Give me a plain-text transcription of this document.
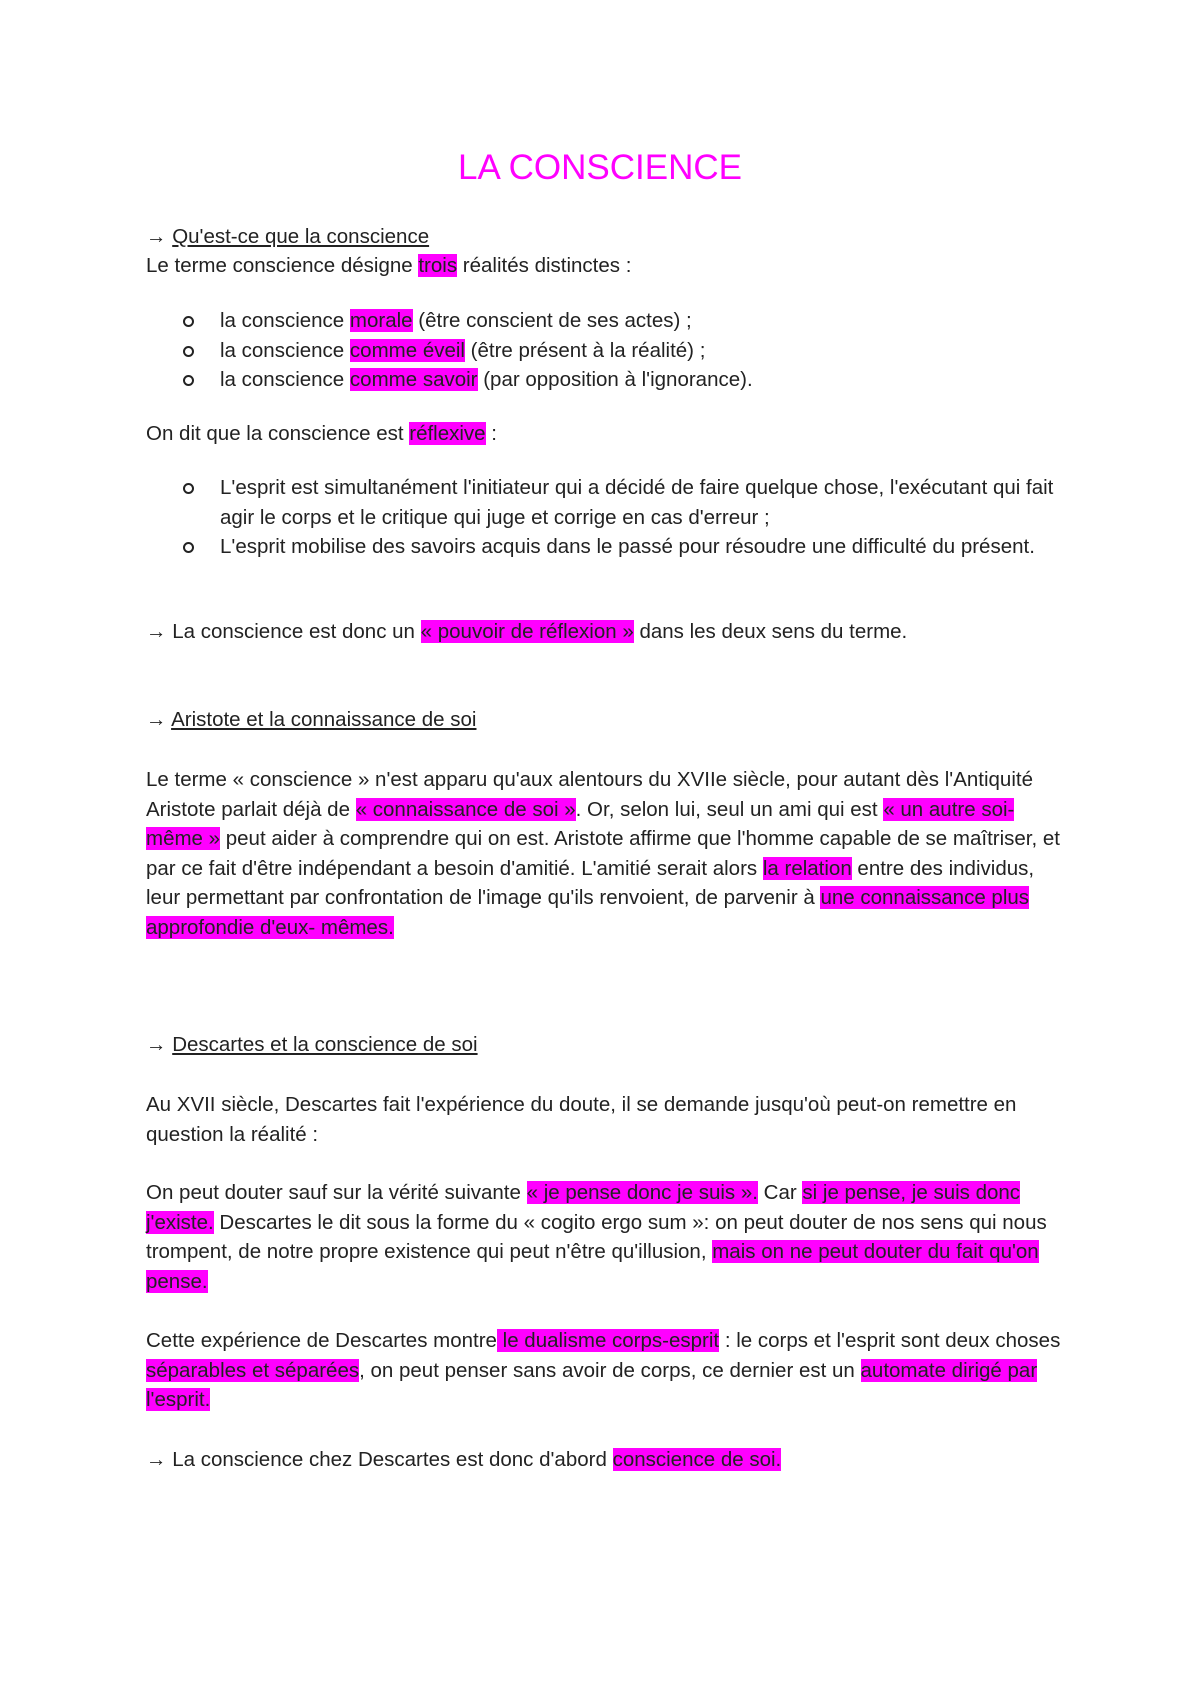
LA CONSCIENCE

→ Qu'est-ce que la conscience

Le terme conscience désigne trois réalités distinctes :

la conscience morale (être conscient de ses actes) ;
la conscience comme éveil (être présent à la réalité) ;
la conscience comme savoir (par opposition à l'ignorance).

On dit que la conscience est réflexive :

L'esprit est simultanément l'initiateur qui a décidé de faire quelque chose, l'exécutant qui fait agir le corps et le critique qui juge et corrige en cas d'erreur ;
L'esprit mobilise des savoirs acquis dans le passé pour résoudre une difficulté du présent.

→ La conscience est donc un « pouvoir de réflexion » dans les deux sens du terme.

→ Aristote et la connaissance de soi

Le terme « conscience » n'est apparu qu'aux alentours du XVIIe siècle, pour autant dès l'Antiquité Aristote parlait déjà de « connaissance de soi ». Or, selon lui, seul un ami qui est « un autre soi-même » peut aider à comprendre qui on est. Aristote affirme que l'homme capable de se maîtriser, et par ce fait d'être indépendant a besoin d'amitié. L'amitié serait alors la relation entre des individus, leur permettant par confrontation de l'image qu'ils renvoient, de parvenir à une connaissance plus approfondie d'eux- mêmes.

→ Descartes et la conscience de soi

Au XVII siècle, Descartes fait l'expérience du doute, il se demande jusqu'où peut-on remettre en question la réalité :

On peut douter sauf sur la vérité suivante « je pense donc je suis ». Car si je pense, je suis donc j'existe. Descartes le dit sous la forme du « cogito ergo sum »: on peut douter de nos sens qui nous trompent, de notre propre existence qui peut n'être qu'illusion, mais on ne peut douter du fait qu'on pense.

Cette expérience de Descartes montre le dualisme corps-esprit : le corps et l'esprit sont deux choses séparables et séparées, on peut penser sans avoir de corps, ce dernier est un automate dirigé par l'esprit.

→ La conscience chez Descartes est donc d'abord conscience de soi.
